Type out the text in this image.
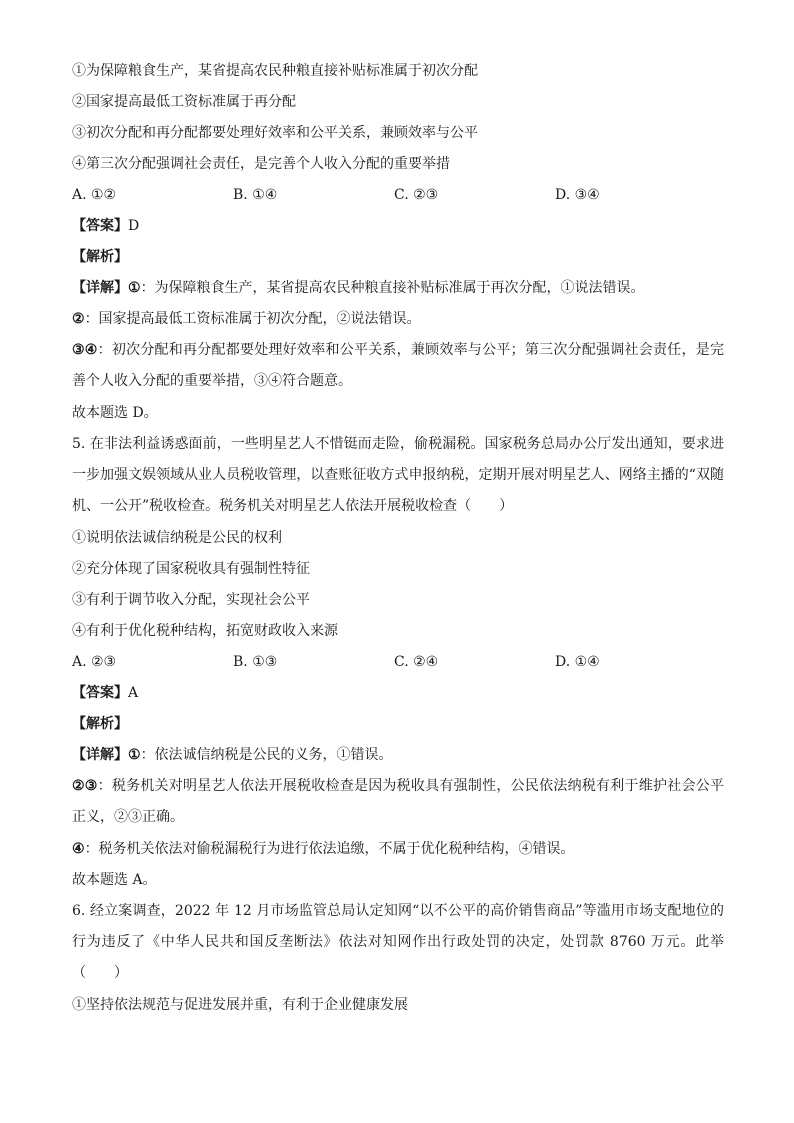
①为保障粮食生产，某省提高农民种粮直接补贴标准属于初次分配
②国家提高最低工资标准属于再分配
③初次分配和再分配都要处理好效率和公平关系，兼顾效率与公平
④第三次分配强调社会责任，是完善个人收入分配的重要举措
A. ①②	B. ①④	C. ②③	D. ③④
【答案】D
【解析】
【详解】①：为保障粮食生产，某省提高农民种粮直接补贴标准属于再次分配，①说法错误。
②：国家提高最低工资标准属于初次分配，②说法错误。
③④：初次分配和再分配都要处理好效率和公平关系，兼顾效率与公平；第三次分配强调社会责任，是完善个人收入分配的重要举措，③④符合题意。
故本题选 D。
5. 在非法利益诱惑面前，一些明星艺人不惜铤而走险，偷税漏税。国家税务总局办公厅发出通知，要求进一步加强文娱领域从业人员税收管理，以查账征收方式申报纳税，定期开展对明星艺人、网络主播的“双随机、一公开”税收检查。税务机关对明星艺人依法开展税收检查（　　）
①说明依法诚信纳税是公民的权利
②充分体现了国家税收具有强制性特征
③有利于调节收入分配，实现社会公平
④有利于优化税种结构，拓宽财政收入来源
A. ②③	B. ①③	C. ②④	D. ①④
【答案】A
【解析】
【详解】①：依法诚信纳税是公民的义务，①错误。
②③：税务机关对明星艺人依法开展税收检查是因为税收具有强制性，公民依法纳税有利于维护社会公平正义，②③正确。
④：税务机关依法对偷税漏税行为进行依法追缴，不属于优化税种结构，④错误。
故本题选 A。
6. 经立案调查，2022 年 12 月市场监管总局认定知网“以不公平的高价销售商品”等滥用市场支配地位的行为违反了《中华人民共和国反垄断法》依法对知网作出行政处罚的决定，处罚款 8760 万元。此举（　　）
①坚持依法规范与促进发展并重，有利于企业健康发展
